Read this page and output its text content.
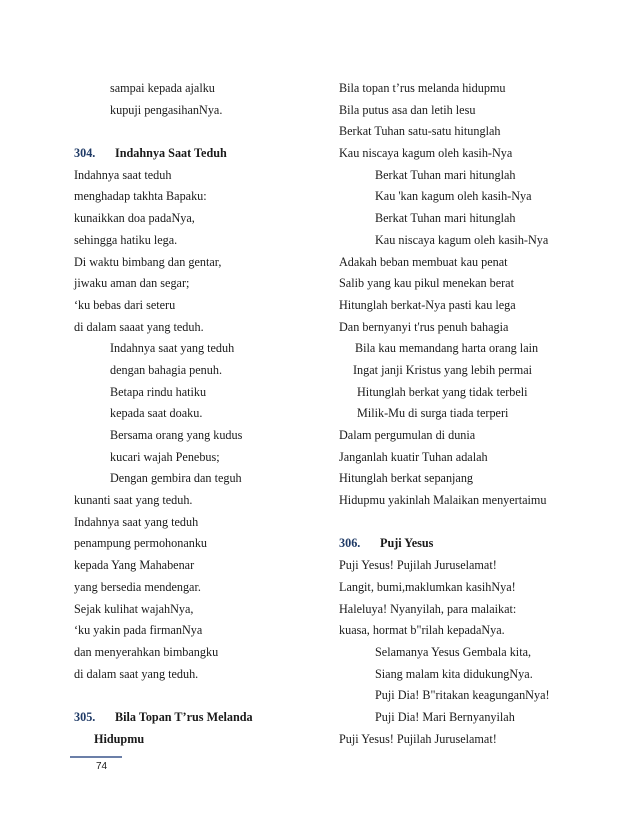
sampai kepada ajalku
kupuji pengasihanNya.
304. Indahnya Saat Teduh
Indahnya saat teduh
menghadap takhta Bapaku:
kunaikkan doa padaNya,
sehingga hatiku lega.
Di waktu bimbang dan gentar,
jiwaku aman dan segar;
‘ku bebas dari seteru
di dalam saaat yang teduh.
Indahnya saat yang teduh
dengan bahagia penuh.
Betapa rindu hatiku
kepada saat doaku.
Bersama orang yang kudus
kucari wajah Penebus;
Dengan gembira dan teguh
kunanti saat yang teduh.
Indahnya saat yang teduh
penampung permohonanku
kepada Yang Mahabenar
yang bersedia mendengar.
Sejak kulihat wajahNya,
‘ku yakin pada firmanNya
dan menyerahkan bimbangku
di dalam saat yang teduh.
305. Bila Topan T’rus Melanda
Hidupmu
Bila topan t’rus melanda hidupmu
Bila putus asa dan letih lesu
Berkat Tuhan satu-satu hitunglah
Kau niscaya kagum oleh kasih-Nya
Berkat Tuhan mari hitunglah
Kau 'kan kagum oleh kasih-Nya
Berkat Tuhan mari hitunglah
Kau niscaya kagum oleh kasih-Nya
Adakah beban membuat kau penat
Salib yang kau pikul menekan berat
Hitunglah berkat-Nya pasti kau lega
Dan bernyanyi t'rus penuh bahagia
Bila kau memandang harta orang lain
Ingat janji Kristus yang lebih permai
Hitunglah berkat yang tidak terbeli
Milik-Mu di surga tiada terperi
Dalam pergumulan di dunia
Janganlah kuatir Tuhan adalah
Hitunglah berkat sepanjang
Hidupmu yakinlah Malaikan menyertaimu
306. Puji Yesus
Puji Yesus! Pujilah Juruselamat!
Langit, bumi,maklumkan kasihNya!
Haleluya! Nyanyilah, para malaikat:
kuasa, hormat b"rilah kepadaNya.
Selamanya Yesus Gembala kita,
Siang malam kita didukungNya.
Puji Dia! B"ritakan keagunganNya!
Puji Dia! Mari Bernyanyilah
Puji Yesus! Pujilah Juruselamat!
74
